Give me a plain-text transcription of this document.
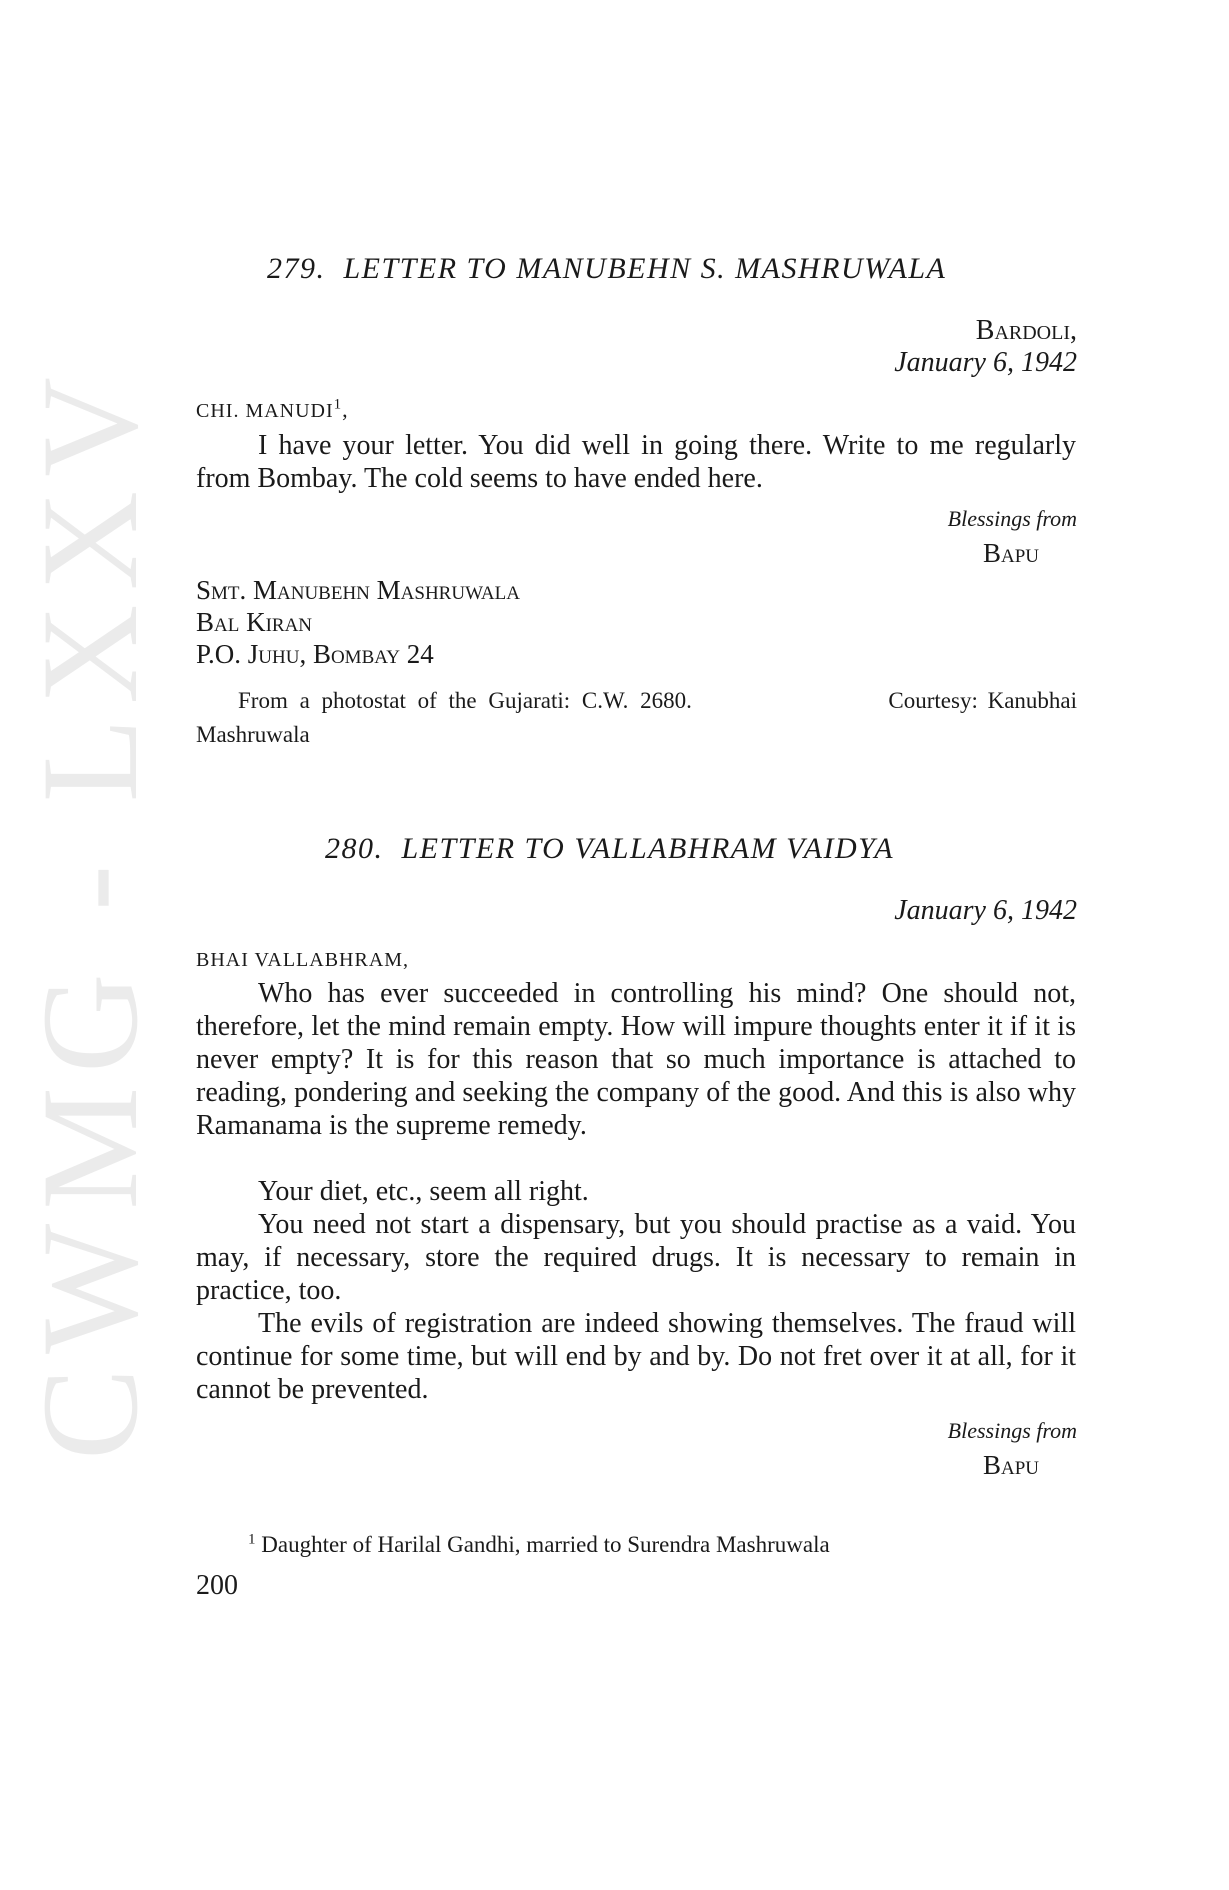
CWMG - LXXV
279. LETTER TO MANUBEHN S. MASHRUWALA
Bardoli,
January 6, 1942
CHI. MANUDI$^1$,
I have your letter. You did well in going there. Write to me regularly from Bombay. The cold seems to have ended here.
Blessings from
Bapu
Smt. Manubehn Mashruwala
Bal Kiran
P.O. Juhu, Bombay 24
From a photostat of the Gujarati: C.W. 2680.	Courtesy: Kanubhai
Mashruwala
280. LETTER TO VALLABHRAM VAIDYA
January 6, 1942
BHAI VALLABHRAM,
Who has ever succeeded in controlling his mind? One should not, therefore, let the mind remain empty. How will impure thoughts enter it if it is never empty? It is for this reason that so much importance is attached to reading, pondering and seeking the company of the good. And this is also why Ramanama is the supreme remedy.
Your diet, etc., seem all right.
You need not start a dispensary, but you should practise as a vaid. You may, if necessary, store the required drugs. It is necessary to remain in practice, too.
The evils of registration are indeed showing themselves. The fraud will continue for some time, but will end by and by. Do not fret over it at all, for it cannot be prevented.
Blessings from
Bapu
$^1$ Daughter of Harilal Gandhi, married to Surendra Mashruwala
200
